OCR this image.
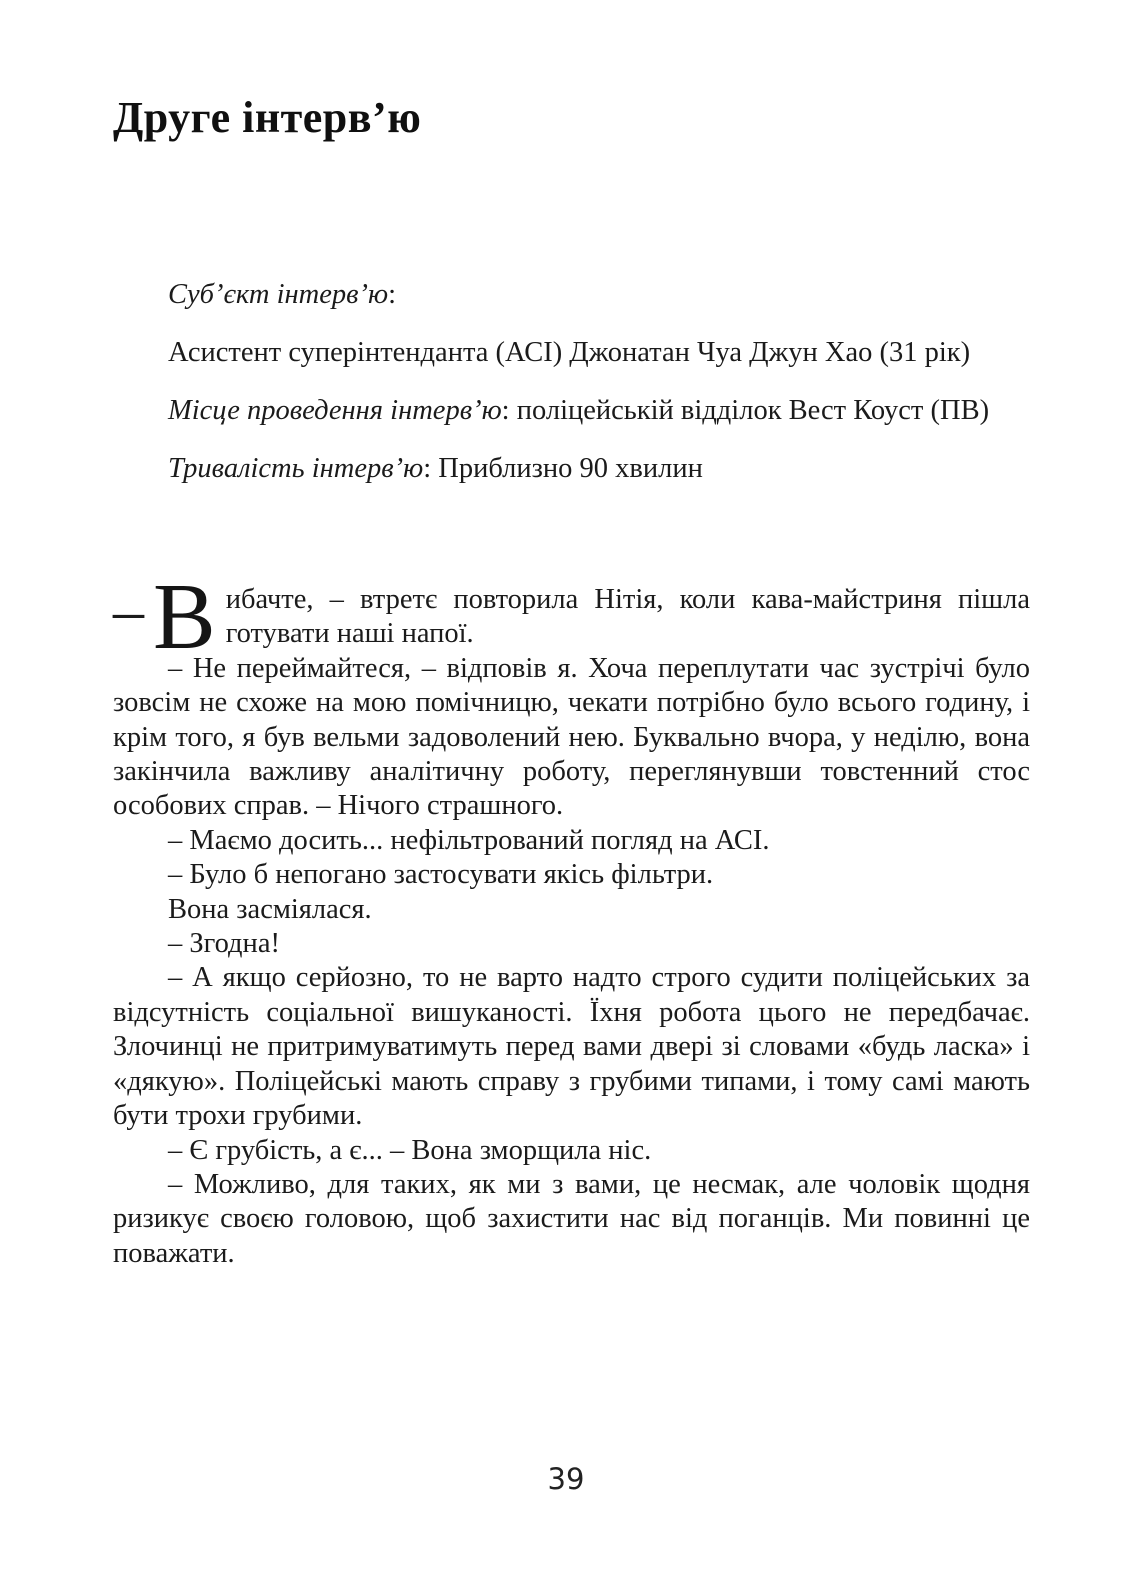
Друге інтерв’ю

Суб’єкт інтерв’ю:

Асистент суперінтенданта (АСІ) Джонатан Чуа Джун Хао (31 рік)

Місце проведення інтерв’ю: поліцейській відділок Вест Коуст (ПВ)

Тривалість інтерв’ю: Приблизно 90 хвилин

– В ибачте, – втретє повторила Нітія, коли кава-майстриня пішла готувати наші напої.

– Не переймайтеся, – відповів я. Хоча переплутати час зустрічі було зовсім не схоже на мою помічницю, чекати потрібно було всього годину, і крім того, я був вельми задоволений нею. Буквально вчора, у неділю, вона закінчила важливу аналітичну роботу, переглянувши товстенний стос особових справ. – Нічого страшного.

– Маємо досить... нефільтрований погляд на АСІ.

– Було б непогано застосувати якісь фільтри.

Вона засміялася.

– Згодна!

– А якщо серйозно, то не варто надто строго судити поліцейських за відсутність соціальної вишуканості. Їхня робота цього не передбачає. Злочинці не притримуватимуть перед вами двері зі словами «будь ласка» і «дякую». Поліцейські мають справу з грубими типами, і тому самі мають бути трохи грубими.

– Є грубість, а є... – Вона зморщила ніс.

– Можливо, для таких, як ми з вами, це несмак, але чоловік щодня ризикує своєю головою, щоб захистити нас від поганців. Ми повинні це поважати.

39
